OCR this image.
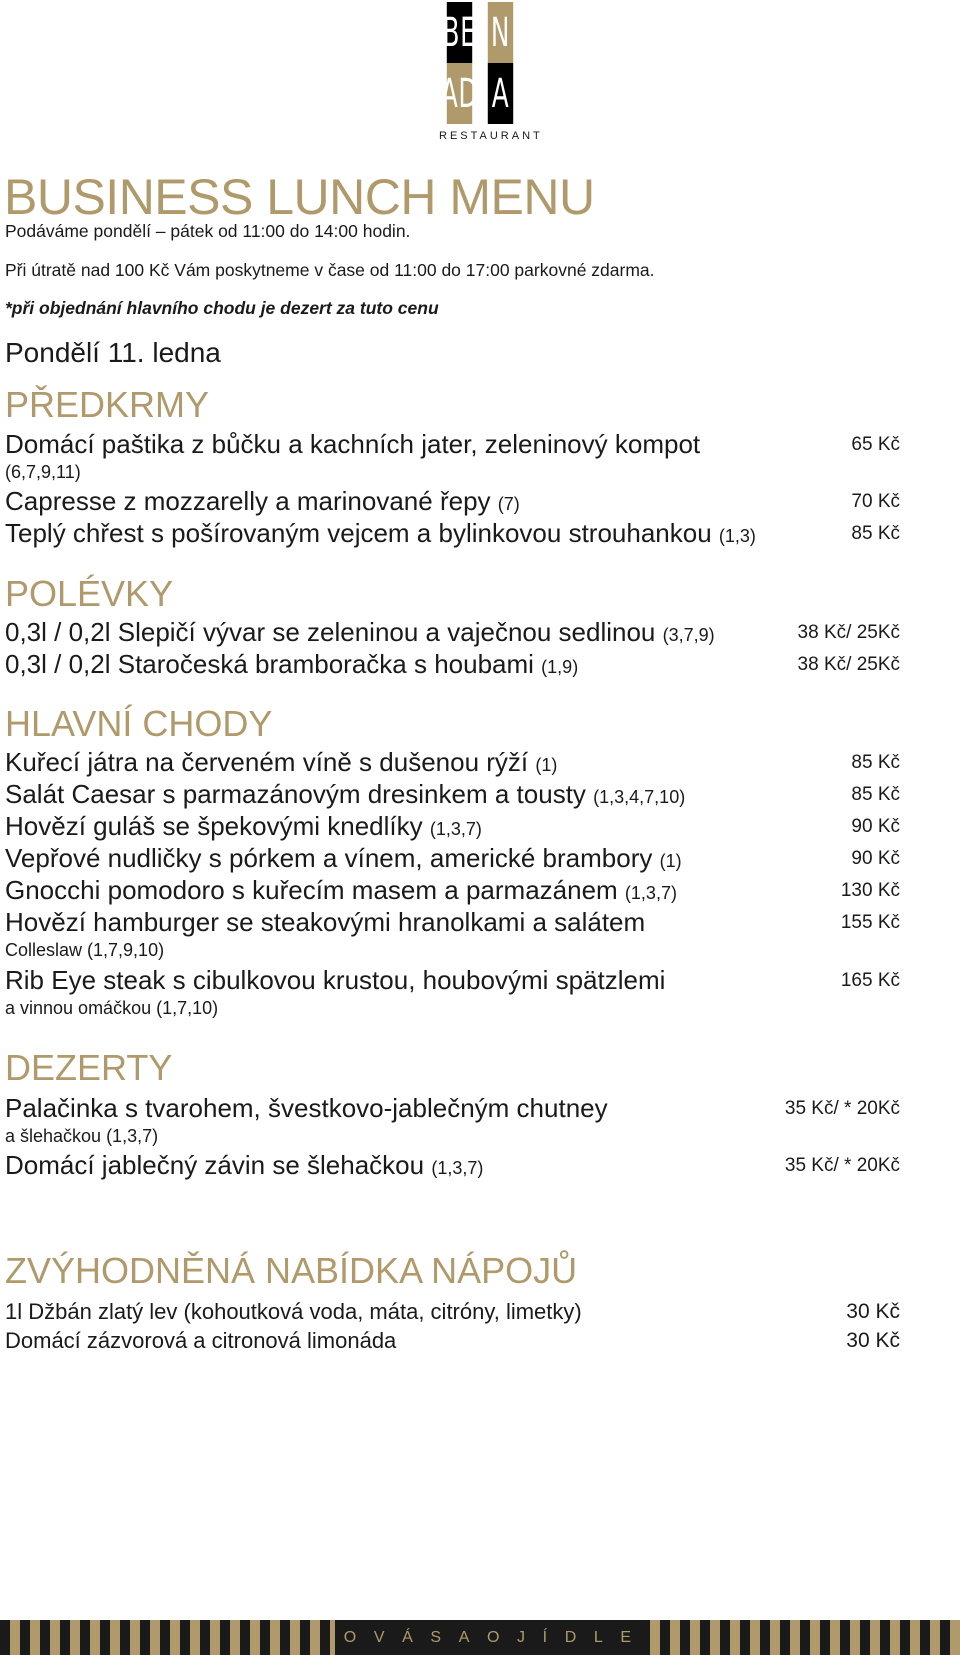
BE N
AD A
RESTAURANT
BUSINESS LUNCH MENU
Podáváme pondělí – pátek od 11:00 do 14:00 hodin.
Při útratě nad 100 Kč Vám poskytneme v čase od 11:00 do 17:00 parkovné zdarma.
*při objednání hlavního chodu je dezert za tuto cenu
Pondělí 11. ledna
PŘEDKRMY
Domácí paštika z bůčku a kachních jater, zeleninový kompot
(6,7,9,11)
65 Kč
Capresse z mozzarelly a marinované řepy (7)	70 Kč
Teplý chřest s pošírovaným vejcem a bylinkovou strouhankou (1,3)	85 Kč
POLÉVKY
0,3l / 0,2l Slepičí vývar se zeleninou a vaječnou sedlinou (3,7,9)	38 Kč/ 25Kč
0,3l / 0,2l Staročeská bramboračka s houbami (1,9)	38 Kč/ 25Kč
HLAVNÍ CHODY
Kuřecí játra na červeném víně s dušenou rýží (1)	85 Kč
Salát Caesar s parmazánovým dresinkem a tousty (1,3,4,7,10)	85 Kč
Hovězí guláš se špekovými knedlíky (1,3,7)	90 Kč
Vepřové nudličky s pórkem a vínem, americké brambory (1)	90 Kč
Gnocchi pomodoro s kuřecím masem a parmazánem (1,3,7)	130 Kč
Hovězí hamburger se steakovými hranolkami a salátem
Colleslaw (1,7,9,10)
155 Kč
Rib Eye steak s cibulkovou krustou, houbovými spätzlemi
a vinnou omáčkou (1,7,10)
165 Kč
DEZERTY
Palačinka s tvarohem, švestkovo-jablečným chutney
a šlehačkou (1,3,7)
35 Kč/ * 20Kč
Domácí jablečný závin se šlehačkou (1,3,7)	35 Kč/ * 20Kč
ZVÝHODNĚNÁ NABÍDKA NÁPOJŮ
1l Džbán zlatý lev (kohoutková voda, máta, citróny, limetky)	30 Kč
Domácí zázvorová a citronová limonáda	30 Kč
O V Á S A O J Í D L E
